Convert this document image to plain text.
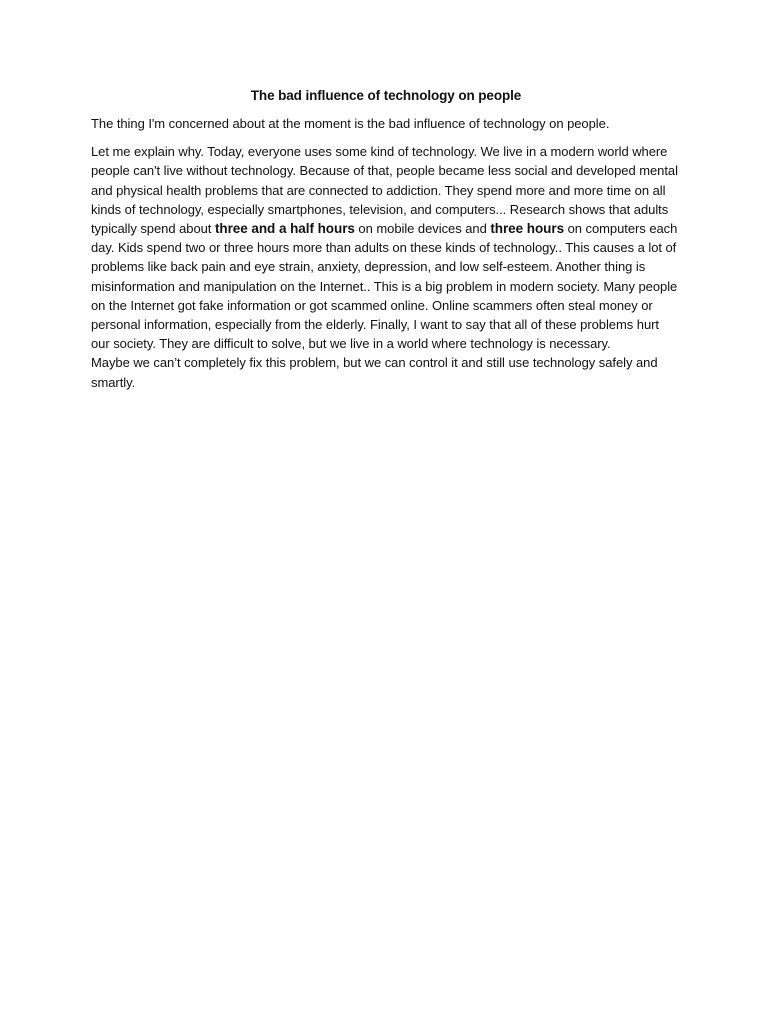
The bad influence of technology on people

The thing I'm concerned about at the moment is the bad influence of technology on people.

Let me explain why. Today, everyone uses some kind of technology. We live in a modern world where people can't live without technology. Because of that, people became less social and developed mental and physical health problems that are connected to addiction. They spend more and more time on all kinds of technology, especially smartphones, television, and computers... Research shows that adults typically spend about three and a half hours on mobile devices and three hours on computers each day. Kids spend two or three hours more than adults on these kinds of technology.. This causes a lot of problems like back pain and eye strain, anxiety, depression, and low self-esteem. Another thing is misinformation and manipulation on the Internet.. This is a big problem in modern society. Many people on the Internet got fake information or got scammed online. Online scammers often steal money or personal information, especially from the elderly. Finally, I want to say that all of these problems hurt our society. They are difficult to solve, but we live in a world where technology is necessary.

Maybe we can’t completely fix this problem, but we can control it and still use technology safely and smartly.
